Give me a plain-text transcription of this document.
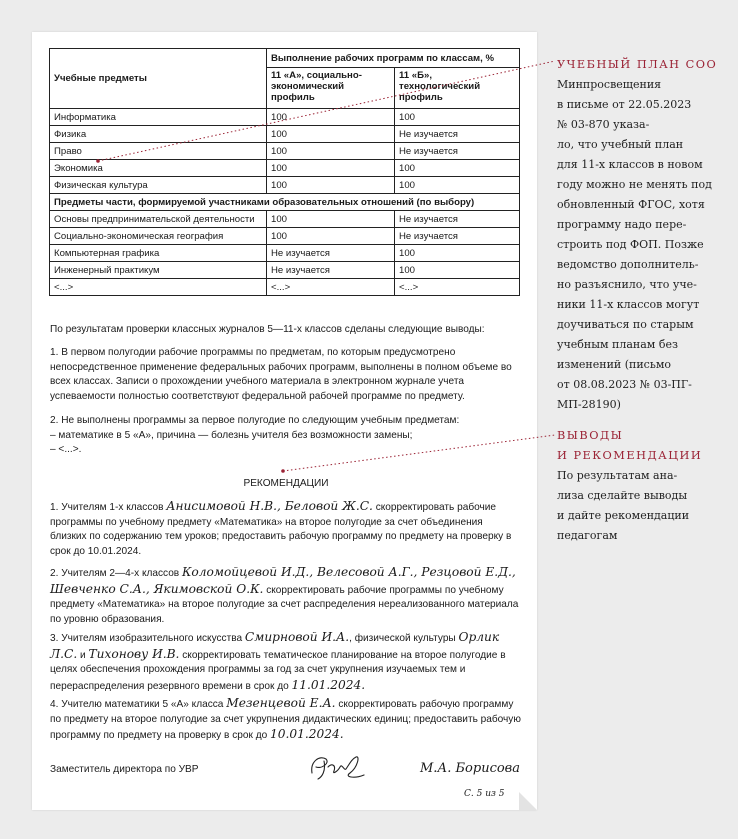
Учебные предметы	Выполнение рабочих программ по классам, %	
	11 «А», социально-экономический профиль	11 «Б», технологический профиль
Информатика	100	100
Физика	100	Не изучается
Право	100	Не изучается
Экономика	100	100
Физическая культура	100	100
Предметы части, формируемой участниками образовательных отношений (по выбору)		
Основы предпринимательской деятельности	100	Не изучается
Социально-экономическая география	100	Не изучается
Компьютерная графика	Не изучается	100
Инженерный практикум	Не изучается	100
<...>	<...>	<...>

По результатам проверки классных журналов 5—11-х классов сделаны следующие выводы:

1. В первом полугодии рабочие программы по предметам, по которым предусмотрено непосредственное применение федеральных рабочих программ, выполнены в полном объеме во всех классах. Записи о прохождении учебного материала в электронном журнале учета успеваемости полностью соответствуют федеральной рабочей программе по предмету.

2. Не выполнены программы за первое полугодие по следующим учебным предметам:

– математике в 5 «А», причина — болезнь учителя без возможности замены;

– <...>.

РЕКОМЕНДАЦИИ

1. Учителям 1-х классов Анисимовой Н.В., Беловой Ж.С. скорректировать рабочие программы по учебному предмету «Математика» на второе полугодие за счет объединения близких по содержанию тем уроков; предоставить рабочую программу по предмету на проверку в срок до 10.01.2024.

2. Учителям 2—4-х классов Коломойцевой И.Д., Велесовой А.Г., Резцовой Е.Д., Шевченко С.А., Якимовской О.К. скорректировать рабочие программы по учебному предмету «Математика» на второе полугодие за счет распределения нереализованного материала по уровню образования.

3. Учителям изобразительного искусства Смирновой И.А., физической культуры Орлик Л.С. и Тихонову И.В. скорректировать тематическое планирование на второе полугодие в целях обеспечения прохождения программы за год за счет укрупнения изучаемых тем и перераспределения резервного времени в срок до 11.01.2024.

4. Учителю математики 5 «А» класса Мезенцевой Е.А. скорректировать рабочую программу по предмету на второе полугодие за счет укрупнения дидактических единиц; предоставить рабочую программу по предмету на проверку в срок до 10.01.2024.

Заместитель директора по УВР	М.А. Борисова
С. 5 из 5
УЧЕБНЫЙ ПЛАН СОО
Минпросвещения
в письме от 22.05.2023
№ 03-870 указа-
ло, что учебный план
для 11-х классов в новом
году можно не менять под
обновленный ФГОС, хотя
программу надо пере-
строить под ФОП. Позже
ведомство дополнитель-
но разъяснило, что уче-
ники 11-х классов могут
доучиваться по старым
учебным планам без
изменений (письмо
от 08.08.2023 № 03-ПГ-
МП-28190)
ВЫВОДЫ
И РЕКОМЕНДАЦИИ
По результатам ана-
лиза сделайте выводы
и дайте рекомендации
педагогам
